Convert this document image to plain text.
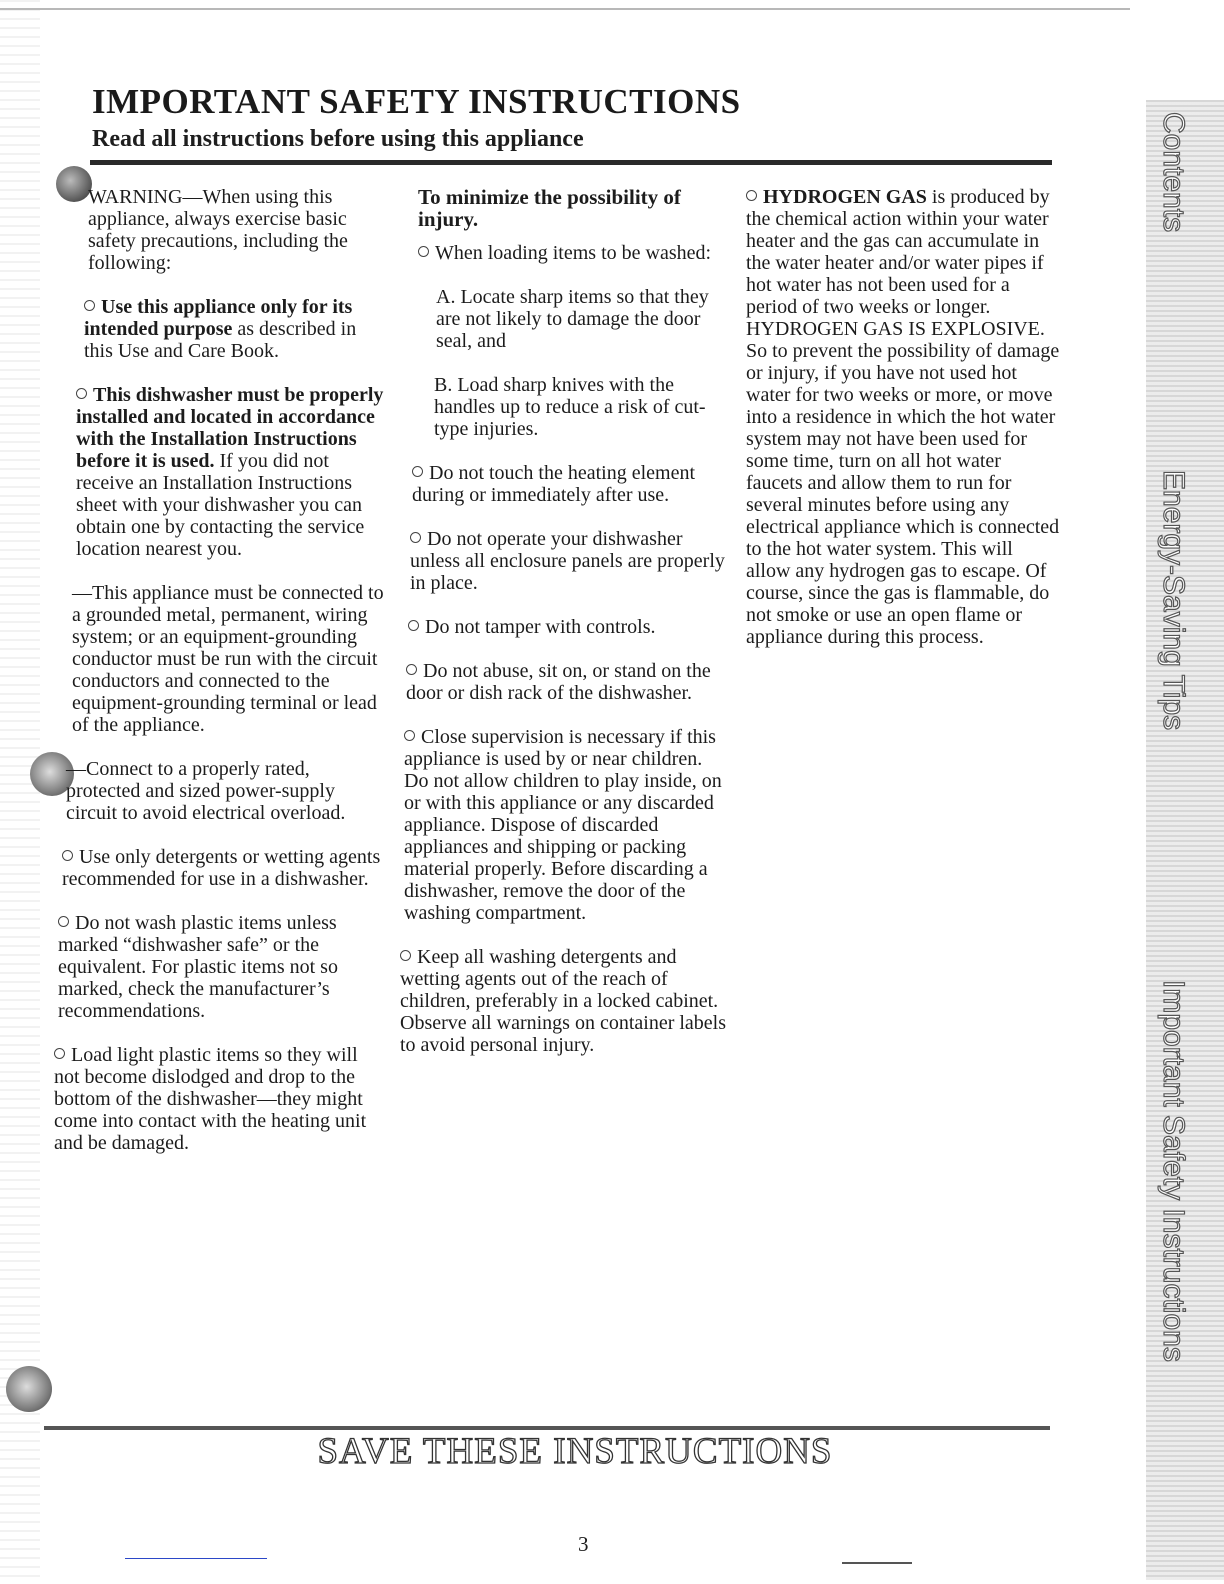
IMPORTANT SAFETY INSTRUCTIONS
Read all instructions before using this appliance

WARNING—When using this appliance, always exercise basic safety precautions, including the following:

Use this appliance only for its intended purpose as described in this Use and Care Book.

This dishwasher must be properly installed and located in accordance with the Installation Instructions before it is used. If you did not receive an Installation Instructions sheet with your dishwasher you can obtain one by contacting the service location nearest you.

—This appliance must be connected to a grounded metal, permanent, wiring system; or an equipment-grounding conductor must be run with the circuit conductors and connected to the equipment-grounding terminal or lead of the appliance.

—Connect to a properly rated, protected and sized power-supply circuit to avoid electrical overload.

Use only detergents or wetting agents recommended for use in a dishwasher.

Do not wash plastic items unless marked “dishwasher safe” or the equivalent. For plastic items not so marked, check the manufacturer’s recommendations.

Load light plastic items so they will not become dislodged and drop to the bottom of the dishwasher—they might come into contact with the heating unit and be damaged.

To minimize the possibility of injury.

When loading items to be washed:

A. Locate sharp items so that they are not likely to damage the door seal, and

B. Load sharp knives with the handles up to reduce a risk of cut-type injuries.

Do not touch the heating element during or immediately after use.

Do not operate your dishwasher unless all enclosure panels are properly in place.

Do not tamper with controls.

Do not abuse, sit on, or stand on the door or dish rack of the dishwasher.

Close supervision is necessary if this appliance is used by or near children. Do not allow children to play inside, on or with this appliance or any discarded appliance. Dispose of discarded appliances and shipping or packing material properly. Before discarding a dishwasher, remove the door of the washing compartment.

Keep all washing detergents and wetting agents out of the reach of children, preferably in a locked cabinet. Observe all warnings on container labels to avoid personal injury.

HYDROGEN GAS is produced by the chemical action within your water heater and the gas can accumulate in the water heater and/or water pipes if hot water has not been used for a period of two weeks or longer. HYDROGEN GAS IS EXPLOSIVE. So to prevent the possibility of damage or injury, if you have not used hot water for two weeks or more, or move into a residence in which the hot water system may not have been used for some time, turn on all hot water faucets and allow them to run for several minutes before using any electrical appliance which is connected to the hot water system. This will allow any hydrogen gas to escape. Of course, since the gas is flammable, do not smoke or use an open flame or appliance during this process.

Contents
Energy-Saving Tips
Important Safety Instructions
SAVE THESE INSTRUCTIONS
3
